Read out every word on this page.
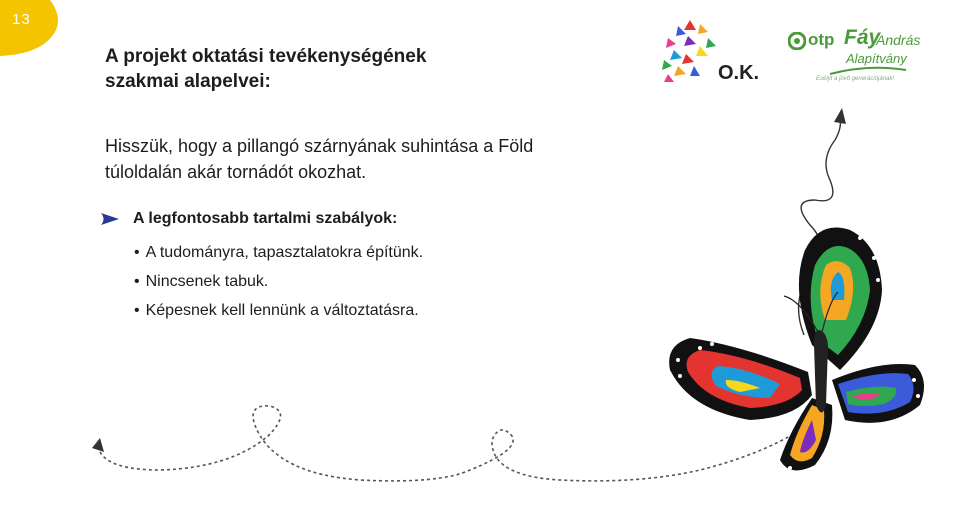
13
A projekt oktatási tevékenységének
szakmai alapelvei:

Hisszük, hogy a pillangó szárnyának suhintása a Föld
túloldalán akár tornádót okozhat.

A legfontosabb tartalmi szabályok:
• A tudományra, tapasztalatokra építünk.
• Nincsenek tabuk.
• Képesnek kell lennünk a változtatásra.
O.K.
otp Fáy
András
Alapítvány
Esélyt a jövő generációjának!
